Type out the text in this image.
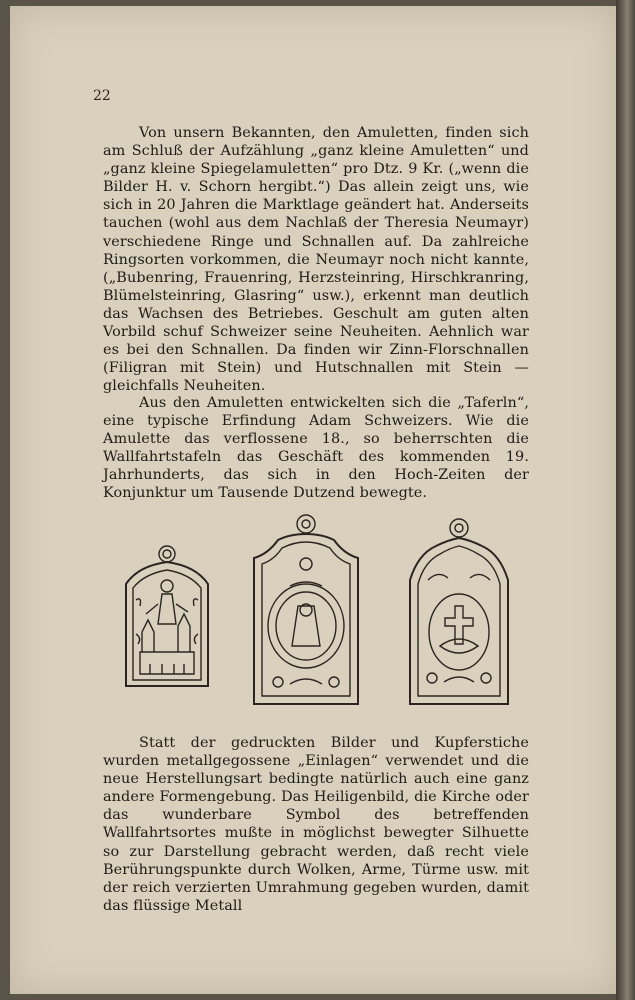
22

Von unsern Bekannten, den Amuletten, finden sich am Schluß der Aufzählung „ganz kleine Amuletten“ und „ganz kleine Spiegelamuletten“ pro Dtz. 9 Kr. („wenn die Bilder H. v. Schorn hergibt.“) Das allein zeigt uns, wie sich in 20 Jahren die Marktlage geändert hat. Anderseits tauchen (wohl aus dem Nachlaß der Theresia Neumayr) verschiedene Ringe und Schnallen auf. Da zahlreiche Ringsorten vorkommen, die Neumayr noch nicht kannte, („Bubenring, Frauenring, Herzsteinring, Hirschkranring, Blümelsteinring, Glasring“ usw.), erkennt man deutlich das Wachsen des Betriebes. Geschult am guten alten Vorbild schuf Schweizer seine Neuheiten. Aehnlich war es bei den Schnallen. Da finden wir Zinn-Florschnallen (Filigran mit Stein) und Hutschnallen mit Stein — gleichfalls Neuheiten.

Aus den Amuletten entwickelten sich die „Taferln“, eine typische Erfindung Adam Schweizers. Wie die Amulette das verflossene 18., so beherrschten die Wallfahrtstafeln das Geschäft des kommenden 19. Jahrhunderts, das sich in den Hoch-Zeiten der Konjunktur um Tausende Dutzend bewegte.

Statt der gedruckten Bilder und Kupferstiche wurden metallgegossene „Einlagen“ verwendet und die neue Herstellungsart bedingte natürlich auch eine ganz andere Formengebung. Das Heiligenbild, die Kirche oder das wunderbare Symbol des betreffenden Wallfahrtsortes mußte in möglichst bewegter Silhuette so zur Darstellung gebracht werden, daß recht viele Berührungspunkte durch Wolken, Arme, Türme usw. mit der reich verzierten Umrahmung gegeben wurden, damit das flüssige Metall
